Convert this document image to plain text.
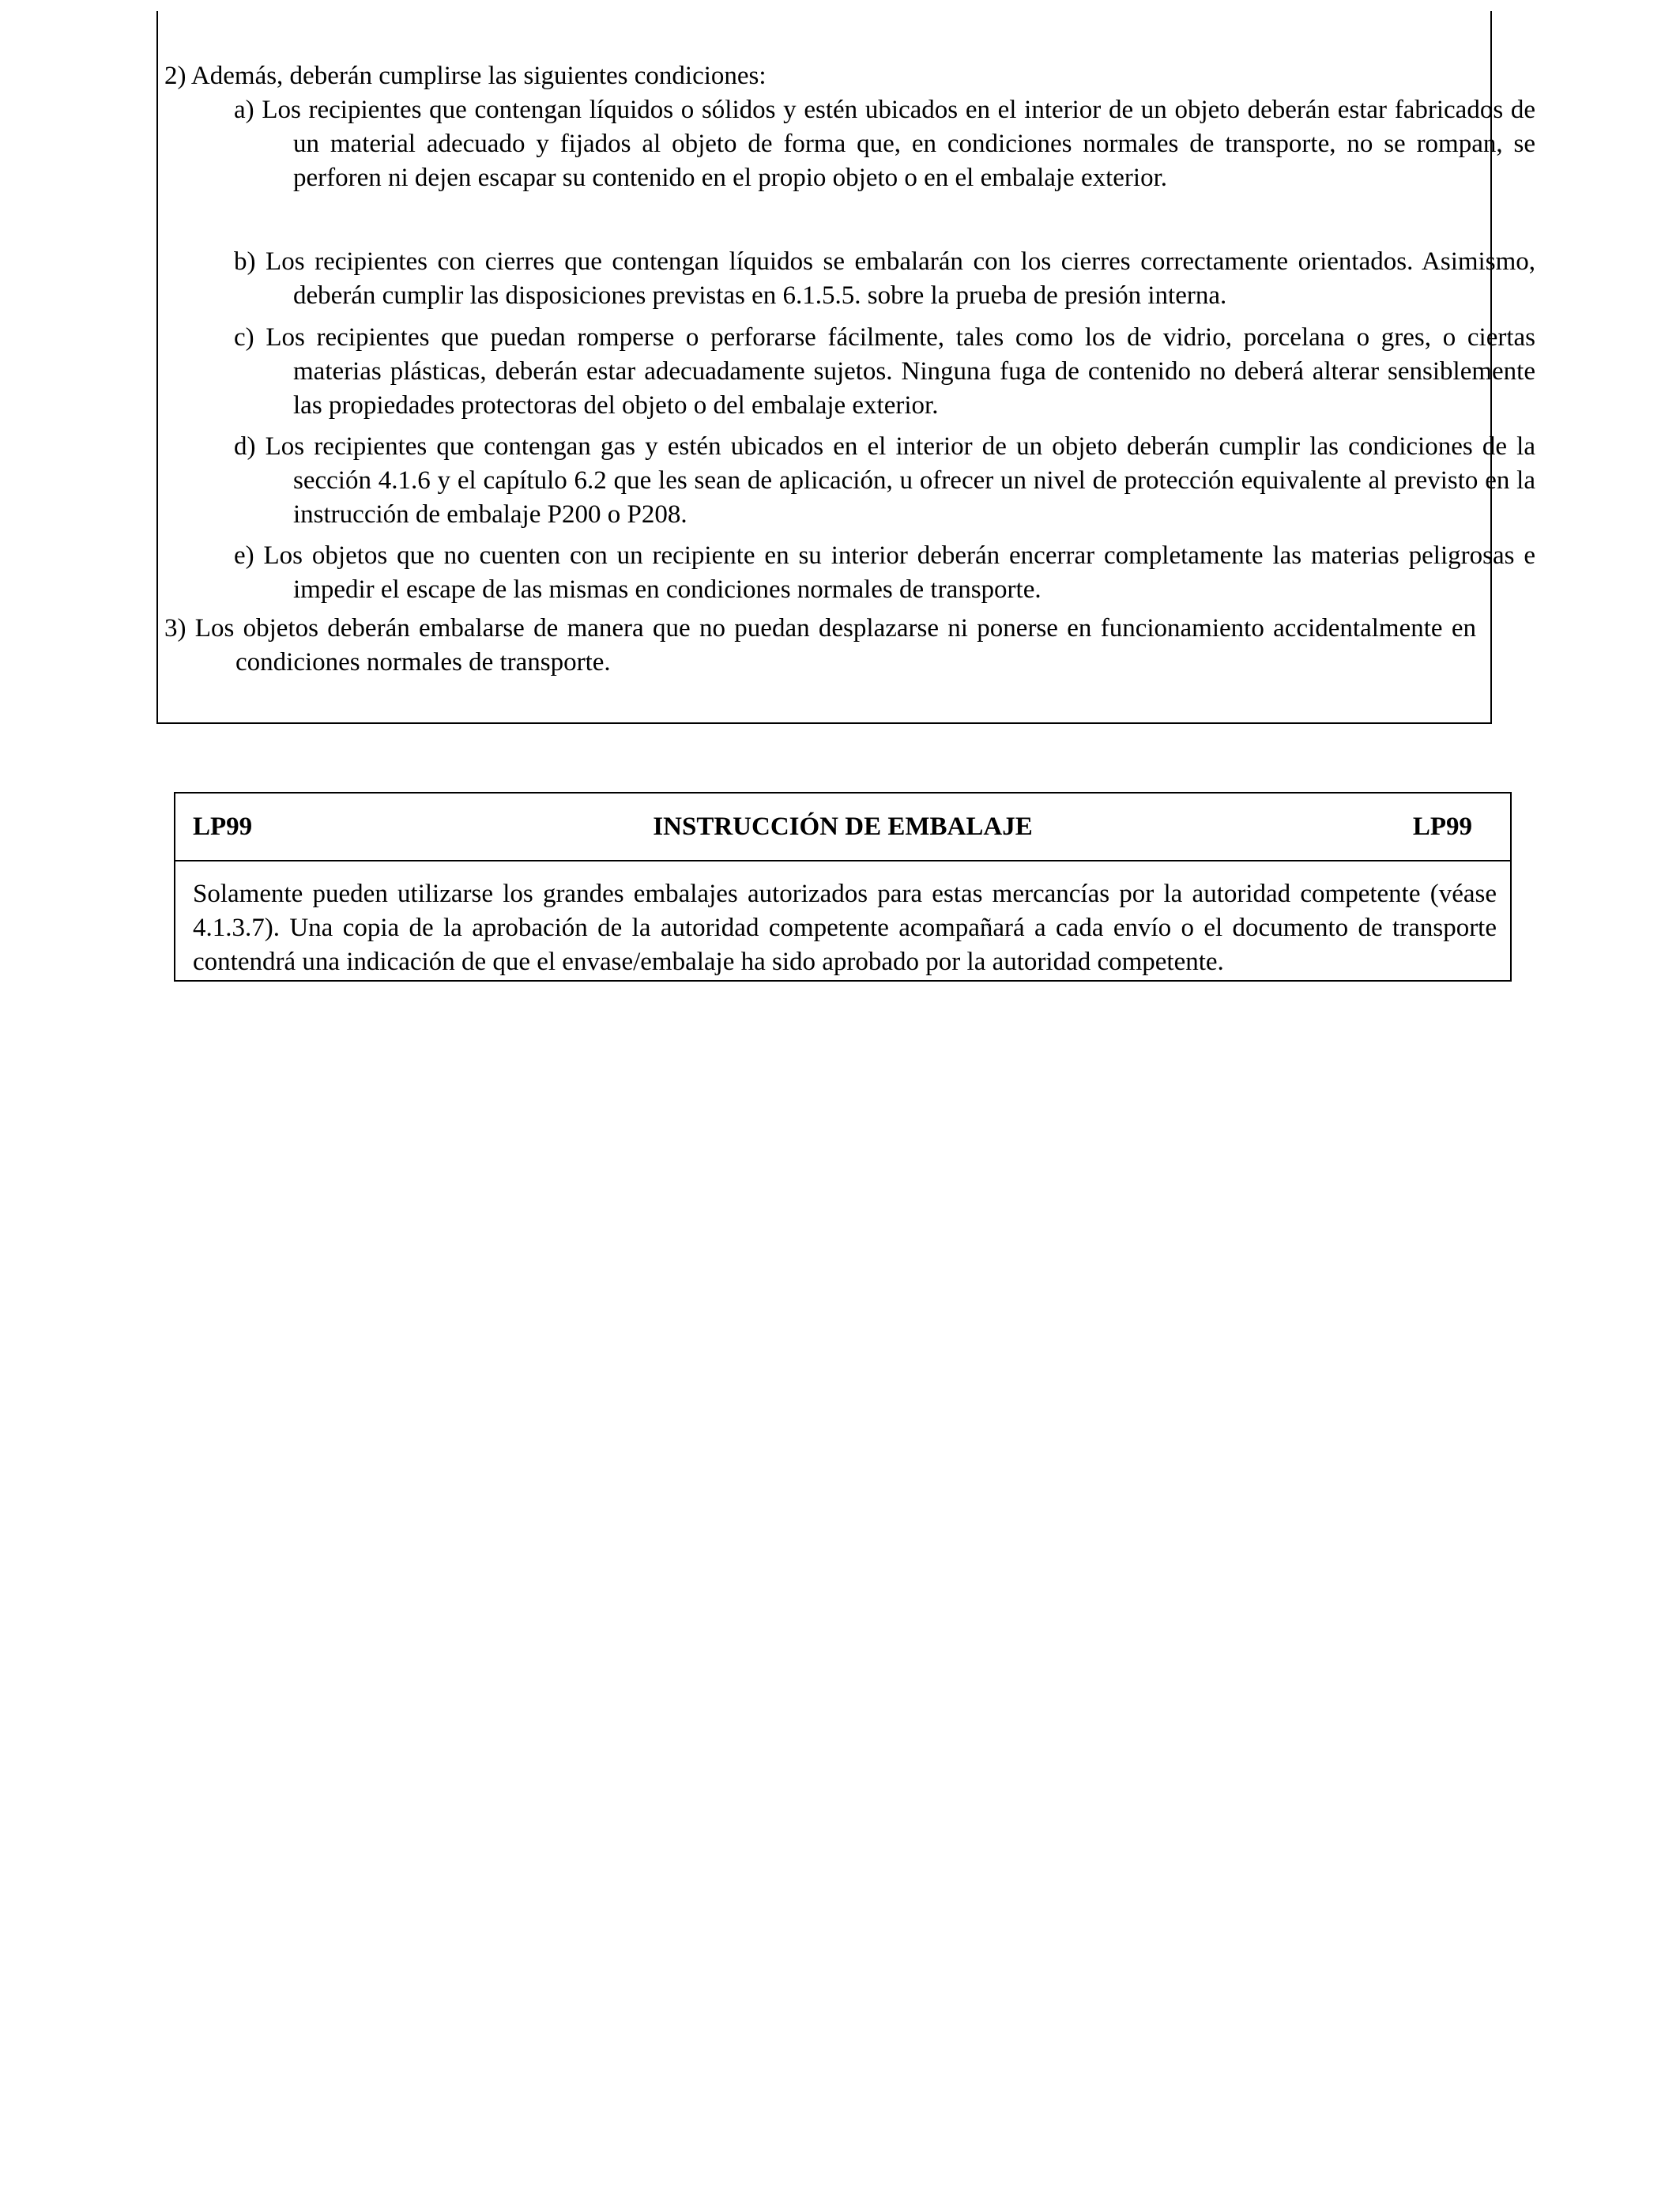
2) Además, deberán cumplirse las siguientes condiciones:
a) Los recipientes que contengan líquidos o sólidos y estén ubicados en el interior de un objeto deberán estar fabricados de un material adecuado y fijados al objeto de forma que, en condiciones normales de transporte, no se rompan, se perforen ni dejen escapar su contenido en el propio objeto o en el embalaje exterior.
b) Los recipientes con cierres que contengan líquidos se embalarán con los cierres correctamente orientados. Asimismo, deberán cumplir las disposiciones previstas en 6.1.5.5. sobre la prueba de presión interna.
c) Los recipientes que puedan romperse o perforarse fácilmente, tales como los de vidrio, porcelana o gres, o ciertas materias plásticas, deberán estar adecuadamente sujetos. Ninguna fuga de contenido no deberá alterar sensiblemente las propiedades protectoras del objeto o del embalaje exterior.
d) Los recipientes que contengan gas y estén ubicados en el interior de un objeto deberán cumplir las condiciones de la sección 4.1.6 y el capítulo 6.2 que les sean de aplicación, u ofrecer un nivel de protección equivalente al previsto en la instrucción de embalaje P200 o P208.
e) Los objetos que no cuenten con un recipiente en su interior deberán encerrar completamente las materias peligrosas e impedir el escape de las mismas en condiciones normales de transporte.
3) Los objetos deberán embalarse de manera que no puedan desplazarse ni ponerse en funcionamiento accidentalmente en condiciones normales de transporte.
LP99	INSTRUCCIÓN DE EMBALAJE	LP99
Solamente pueden utilizarse los grandes embalajes autorizados para estas mercancías por la autoridad competente (véase 4.1.3.7). Una copia de la aprobación de la autoridad competente acompañará a cada envío o el documento de transporte contendrá una indicación de que el envase/embalaje ha sido aprobado por la autoridad competente.
